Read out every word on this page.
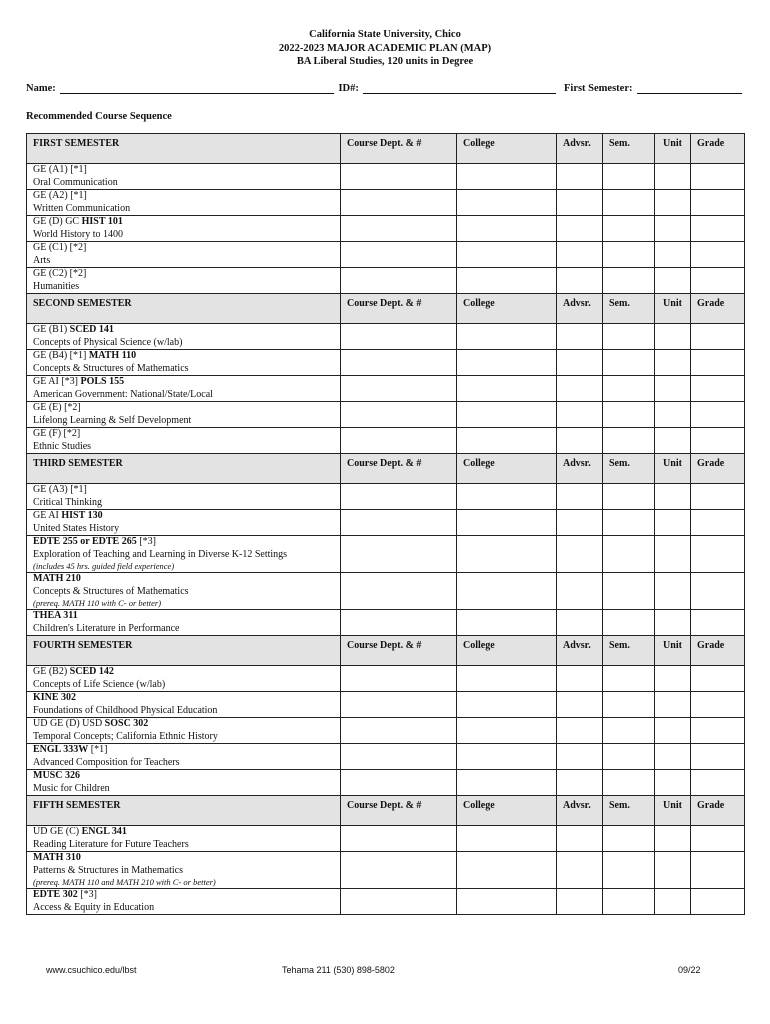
California State University, Chico
2022-2023 MAJOR ACADEMIC PLAN (MAP)
BA Liberal Studies, 120 units in Degree
Name:	ID#:	First Semester:
Recommended Course Sequence
FIRST SEMESTER	Course Dept. & #	College	Advsr.	Sem.	Unit	Grade

GE (A1) [*1]
Oral Communication						

GE (A2) [*1]
Written Communication						

GE (D) GC HIST 101
World History to 1400						

GE (C1) [*2]
Arts						

GE (C2) [*2]
Humanities						

SECOND SEMESTER	Course Dept. & #	College	Advsr.	Sem.	Unit	Grade

GE (B1) SCED 141
Concepts of Physical Science (w/lab)						

GE (B4) [*1] MATH 110
Concepts & Structures of Mathematics						

GE AI [*3] POLS 155
American Government: National/State/Local						

GE (E) [*2]
Lifelong Learning & Self Development						

GE (F) [*2]
Ethnic Studies						

THIRD SEMESTER	Course Dept. & #	College	Advsr.	Sem.	Unit	Grade

GE (A3) [*1]
Critical Thinking						

GE AI HIST 130
United States History						

EDTE 255 or EDTE 265 [*3]
Exploration of Teaching and Learning in Diverse K-12 Settings
(includes 45 hrs. guided field experience)						

MATH 210
Concepts & Structures of Mathematics
(prereq. MATH 110 with C- or better)						

THEA 311
Children's Literature in Performance						

FOURTH SEMESTER	Course Dept. & #	College	Advsr.	Sem.	Unit	Grade

GE (B2) SCED 142
Concepts of Life Science (w/lab)						

KINE 302
Foundations of Childhood Physical Education						

UD GE (D) USD SOSC 302
Temporal Concepts; California Ethnic History						

ENGL 333W [*1]
Advanced Composition for Teachers						

MUSC 326
Music for Children						

FIFTH SEMESTER	Course Dept. & #	College	Advsr.	Sem.	Unit	Grade

UD GE (C) ENGL 341
Reading Literature for Future Teachers						

MATH 310
Patterns & Structures in Mathematics
(prereq. MATH 110 and MATH 210 with C- or better)						

EDTE 302 [*3]
Access & Equity in Education						

www.csuchico.edu/lbst	Tehama 211 (530) 898-5802	09/22
